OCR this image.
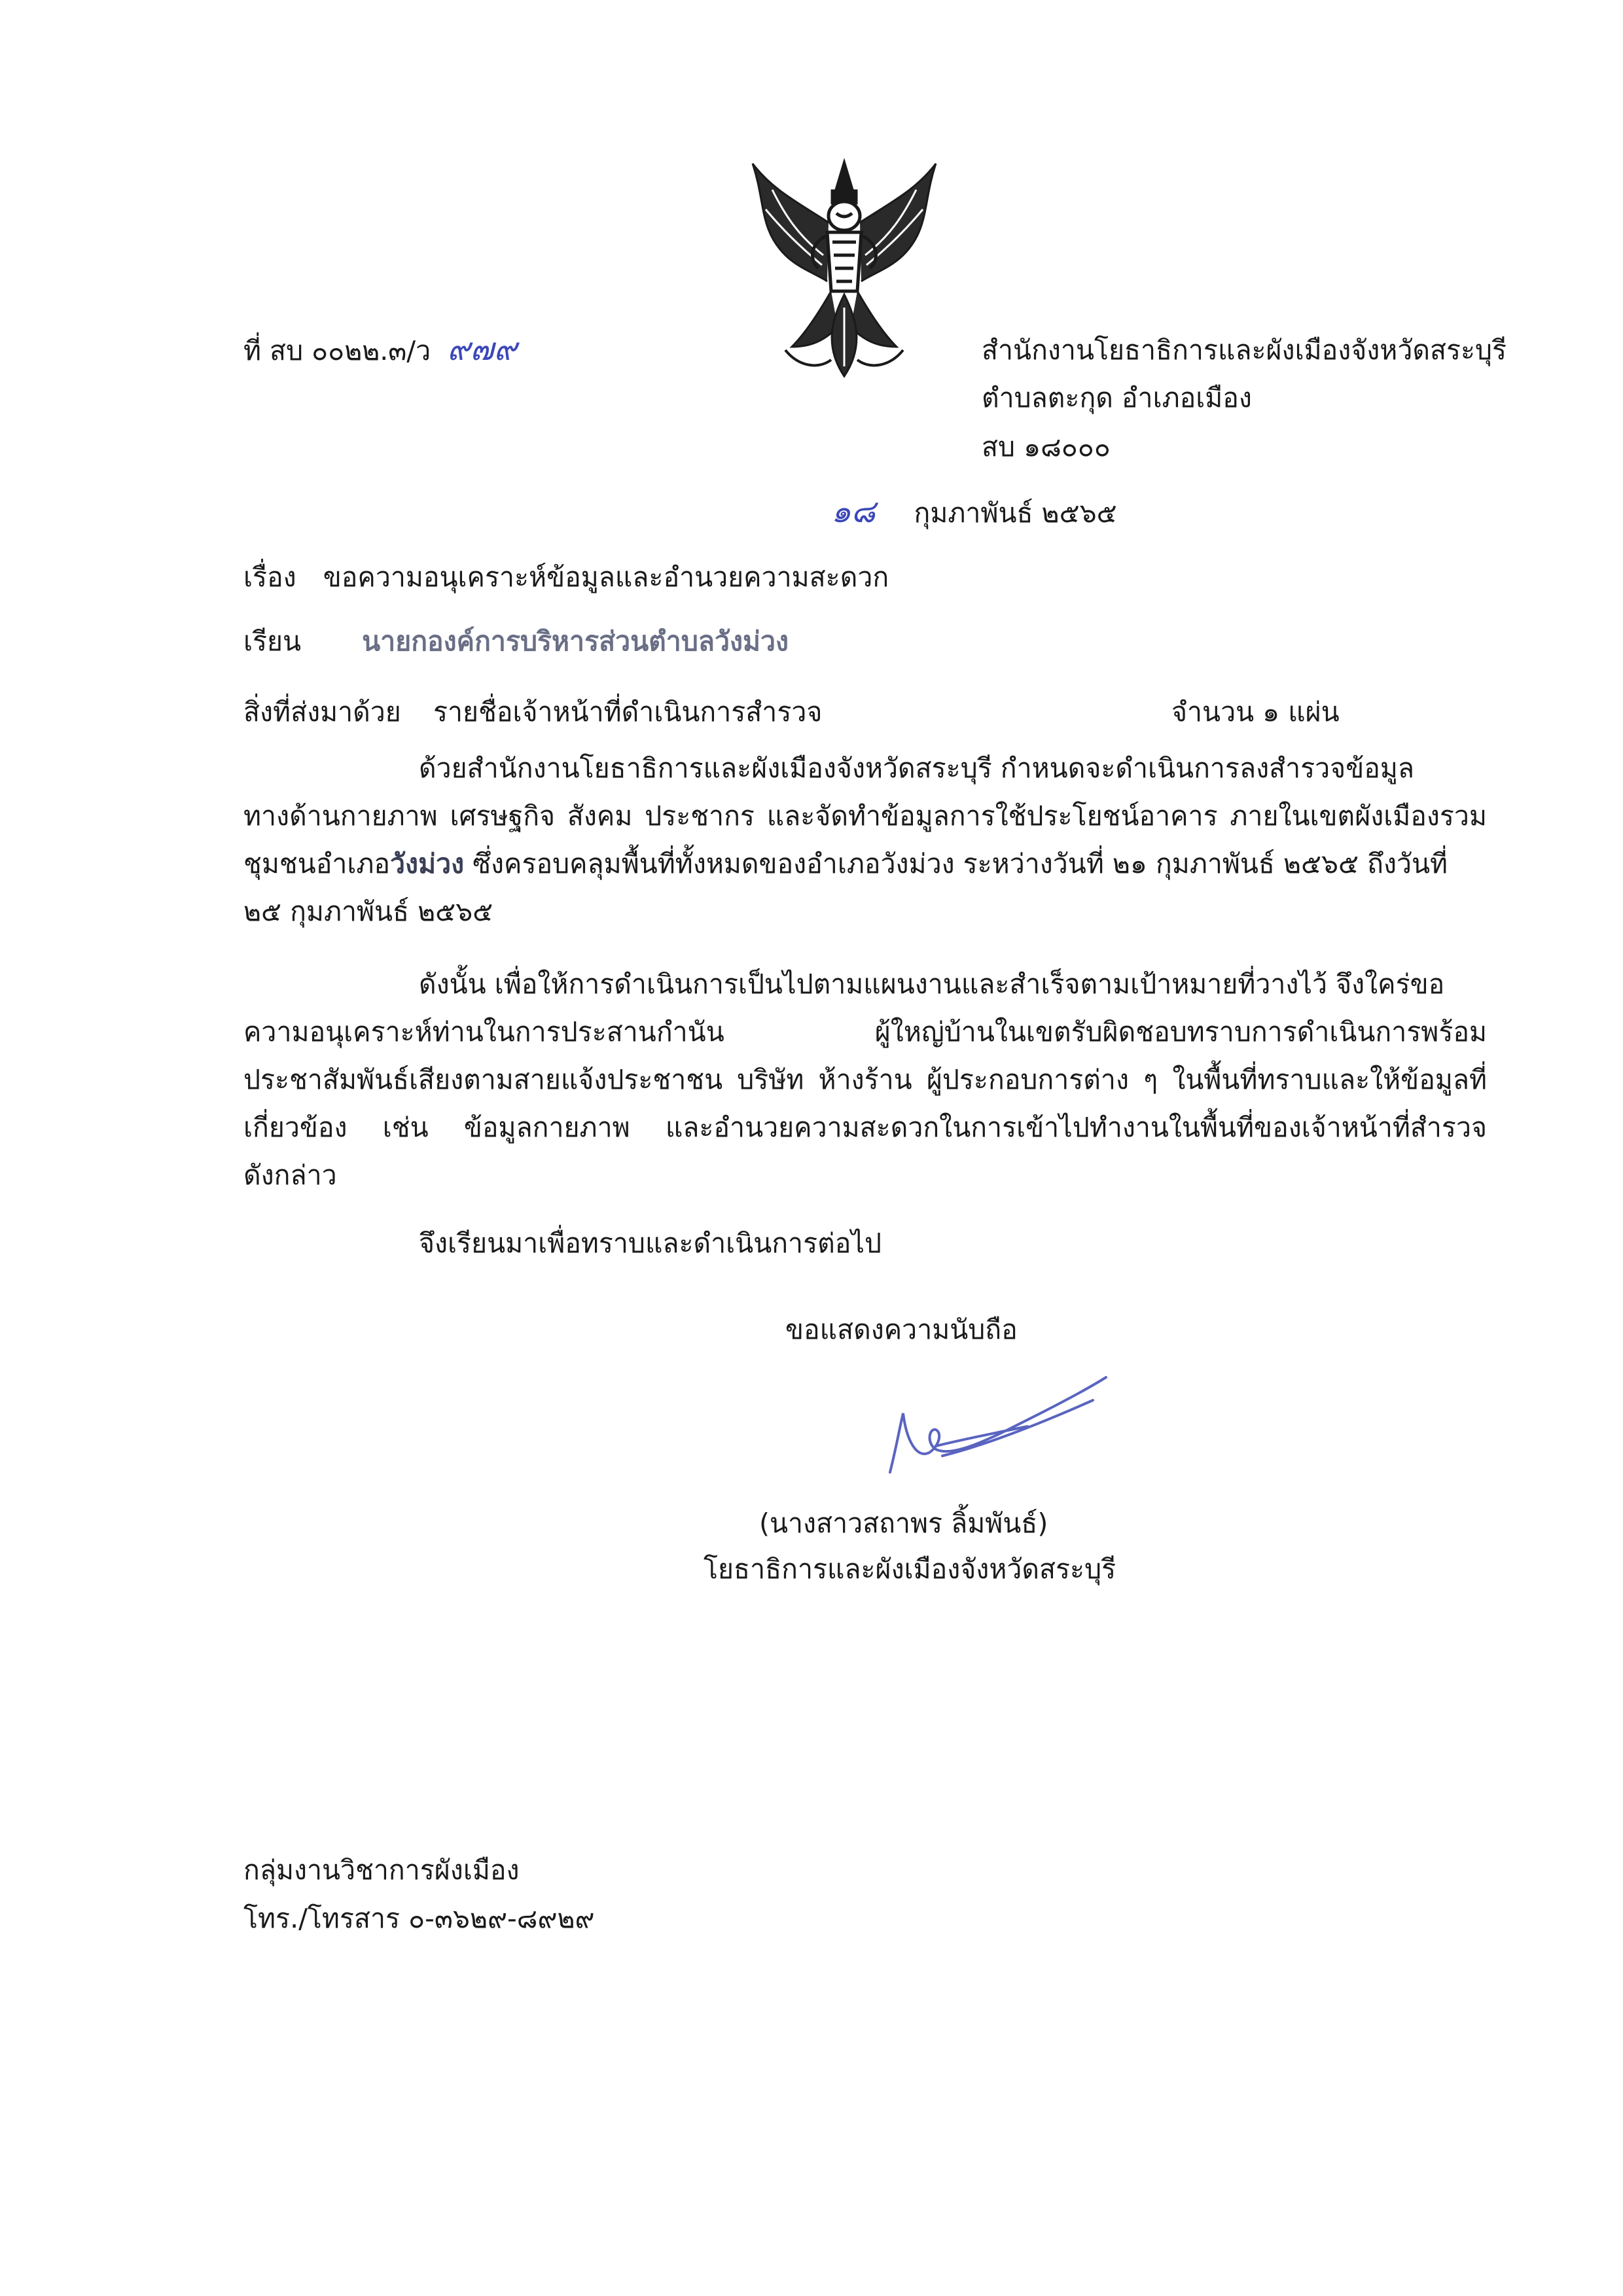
ที่ สบ ๐๐๒๒.๓/ว ๙๗๙	สำนักงานโยธาธิการและผังเมืองจังหวัดสระบุรี
ตำบลตะกุด อำเภอเมือง
สบ ๑๘๐๐๐
๑๘ กุมภาพันธ์ ๒๕๖๕
เรื่อง ขอความอนุเคราะห์ข้อมูลและอำนวยความสะดวก
เรียน นายกองค์การบริหารส่วนตำบลวังม่วง
สิ่งที่ส่งมาด้วย รายชื่อเจ้าหน้าที่ดำเนินการสำรวจ	จำนวน ๑ แผ่น
ด้วยสำนักงานโยธาธิการและผังเมืองจังหวัดสระบุรี กำหนดจะดำเนินการลงสำรวจข้อมูล
ทางด้านกายภาพ เศรษฐกิจ สังคม ประชากร และจัดทำข้อมูลการใช้ประโยชน์อาคาร ภายในเขตผังเมืองรวม
ชุมชนอำเภอวังม่วง ซึ่งครอบคลุมพื้นที่ทั้งหมดของอำเภอวังม่วง ระหว่างวันที่ ๒๑ กุมภาพันธ์ ๒๕๖๕ ถึงวันที่
๒๕ กุมภาพันธ์ ๒๕๖๕
ดังนั้น เพื่อให้การดำเนินการเป็นไปตามแผนงานและสำเร็จตามเป้าหมายที่วางไว้ จึงใคร่ขอ
ความอนุเคราะห์ท่านในการประสานกำนัน ผู้ใหญ่บ้านในเขตรับผิดชอบทราบการดำเนินการพร้อม
ประชาสัมพันธ์เสียงตามสายแจ้งประชาชน บริษัท ห้างร้าน ผู้ประกอบการต่าง ๆ ในพื้นที่ทราบและให้ข้อมูลที่
เกี่ยวข้อง เช่น ข้อมูลกายภาพ และอำนวยความสะดวกในการเข้าไปทำงานในพื้นที่ของเจ้าหน้าที่สำรวจ
ดังกล่าว
จึงเรียนมาเพื่อทราบและดำเนินการต่อไป
ขอแสดงความนับถือ
(นางสาวสถาพร ลิ้มพันธ์)
โยธาธิการและผังเมืองจังหวัดสระบุรี
กลุ่มงานวิชาการผังเมือง
โทร./โทรสาร ๐-๓๖๒๙-๘๙๒๙
